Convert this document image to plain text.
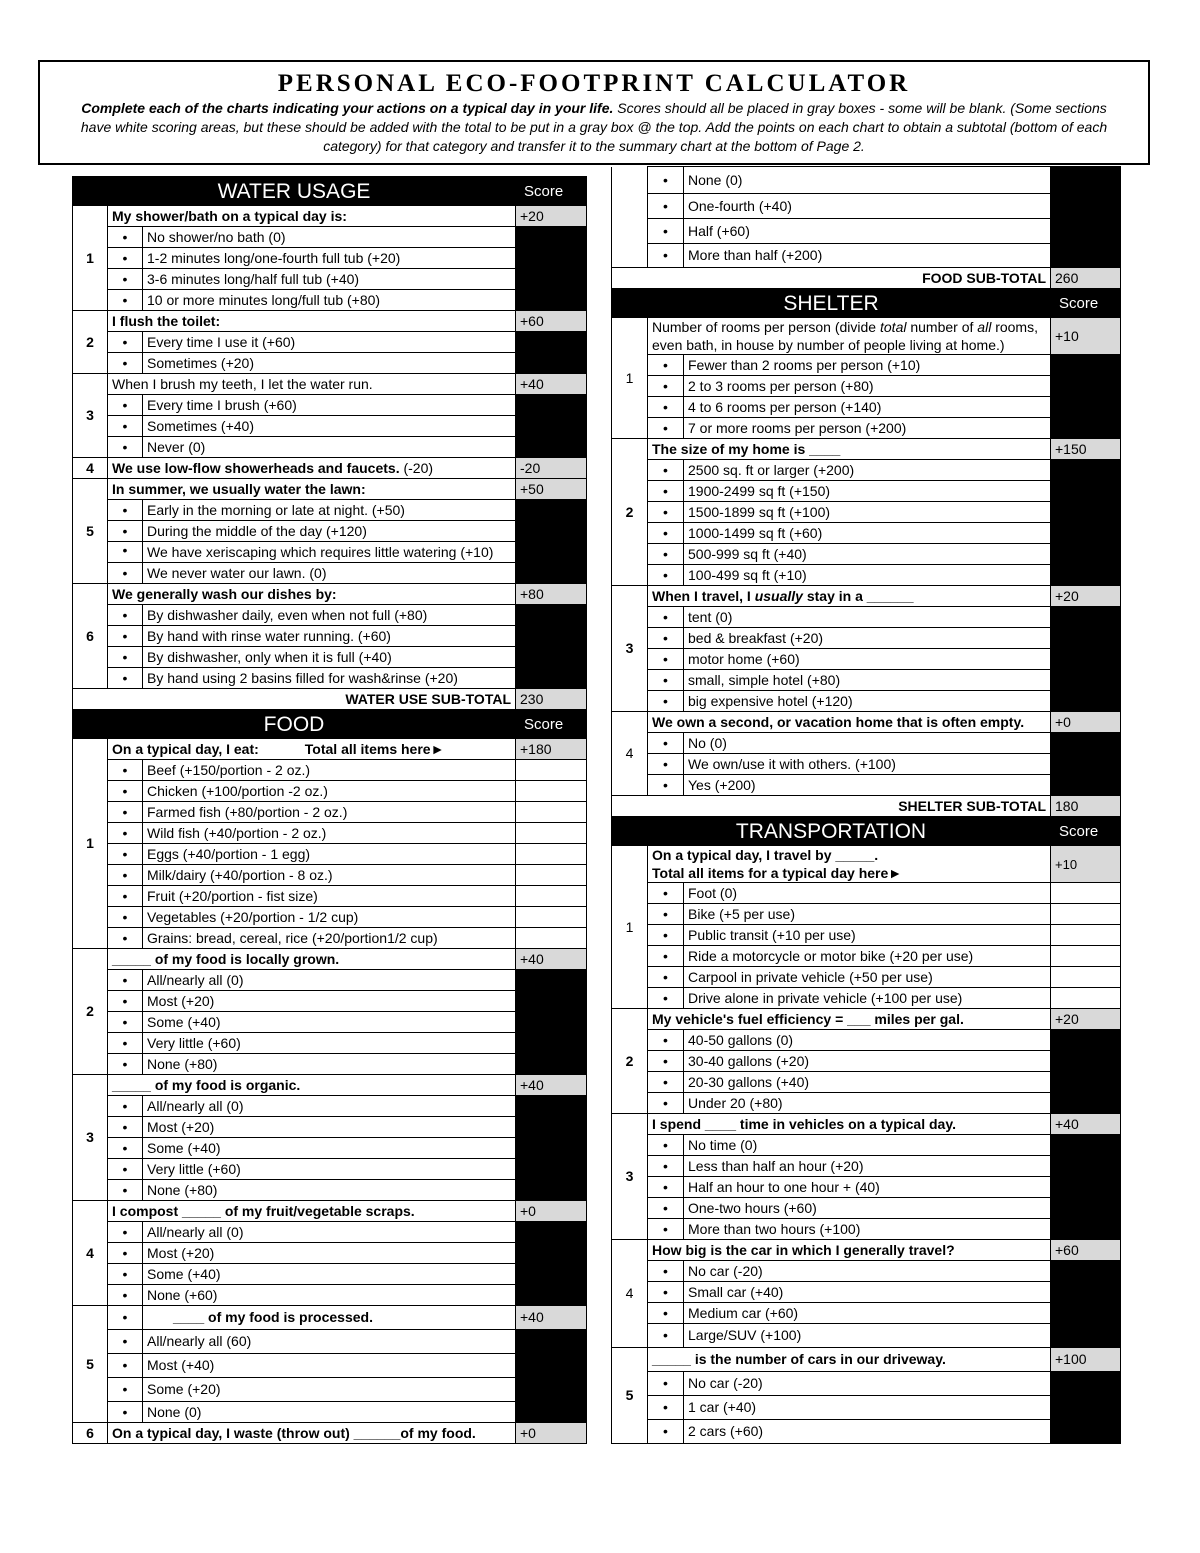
PERSONAL ECO-FOOTPRINT CALCULATOR
Complete each of the charts indicating your actions on a typical day in your life. Scores should all be placed in gray boxes - some will be blank. (Some sections have white scoring areas, but these should be added with the total to be put in a gray box @ the top. Add the points on each chart to obtain a subtotal (bottom of each category) for that category and transfer it to the summary chart at the bottom of Page 2.
WATER USAGE			Score
1	My shower/bath on a typical day is:		+20
	•	No shower/no bath (0)	
	•	1-2 minutes long/one-fourth full tub (+20)	
	•	3-6 minutes long/half full tub (+40)	
	•	10 or more minutes long/full tub (+80)	
2	I flush the toilet:		+60
	•	Every time I use it (+60)	
	•	Sometimes (+20)	
3	When I brush my teeth, I let the water run.		+40
	•	Every time I brush (+60)	
	•	Sometimes (+40)	
	•	Never (0)	
4	We use low-flow showerheads and faucets. (-20)		-20
5	In summer, we usually water the lawn:		+50
	•	Early in the morning or late at night. (+50)	
	•	During the middle of the day (+120)	
	•	We have xeriscaping which requires little watering (+10)	
	•	We never water our lawn. (0)	
6	We generally wash our dishes by:		+80
	•	By dishwasher daily, even when not full (+80)	
	•	By hand with rinse water running. (+60)	
	•	By dishwasher, only when it is full (+40)	
	•	By hand using 2 basins filled for wash&rinse (+20)	
WATER USE SUB-TOTAL			230
FOOD			Score
1	On a typical day, I eat: Total all items here►		+180
	•	Beef (+150/portion - 2 oz.)	
	•	Chicken (+100/portion -2 oz.)	
	•	Farmed fish (+80/portion - 2 oz.)	
	•	Wild fish (+40/portion - 2 oz.)	
	•	Eggs (+40/portion - 1 egg)	
	•	Milk/dairy (+40/portion - 8 oz.)	
	•	Fruit (+20/portion - fist size)	
	•	Vegetables (+20/portion - 1/2 cup)	
	•	Grains: bread, cereal, rice (+20/portion1/2 cup)	
2	_____ of my food is locally grown.		+40
	•	All/nearly all (0)	
	•	Most (+20)	
	•	Some (+40)	
	•	Very little (+60)	
	•	None (+80)	
3	_____ of my food is organic.		+40
	•	All/nearly all (0)	
	•	Most (+20)	
	•	Some (+40)	
	•	Very little (+60)	
	•	None (+80)	
4	I compost _____ of my fruit/vegetable scraps.		+0
	•	All/nearly all (0)	
	•	Most (+20)	
	•	Some (+40)	
	•	None (+60)	
5	•	____ of my food is processed.	+40
	•	All/nearly all (60)	
	•	Most (+40)	
	•	Some (+20)	
	•	None (0)	
6	On a typical day, I waste (throw out) ______of my food.		+0
	•	None (0)	
	•	One-fourth (+40)	
	•	Half (+60)	
	•	More than half (+200)	
FOOD SUB-TOTAL			260
SHELTER			Score
1	Number of rooms per person (divide total number of all rooms, even bath, in house by number of people living at home.)		+10
	•	Fewer than 2 rooms per person (+10)	
	•	2 to 3 rooms per person (+80)	
	•	4 to 6 rooms per person (+140)	
	•	7 or more rooms per person (+200)	
2	The size of my home is ____		+150
	•	2500 sq. ft or larger (+200)	
	•	1900-2499 sq ft (+150)	
	•	1500-1899 sq ft (+100)	
	•	1000-1499 sq ft (+60)	
	•	500-999 sq ft (+40)	
	•	100-499 sq ft (+10)	
3	When I travel, I usually stay in a ______		+20
	•	tent (0)	
	•	bed & breakfast (+20)	
	•	motor home (+60)	
	•	small, simple hotel (+80)	
	•	big expensive hotel (+120)	
4	We own a second, or vacation home that is often empty.		+0
	•	No (0)	
	•	We own/use it with others. (+100)	
	•	Yes (+200)	
SHELTER SUB-TOTAL			180
TRANSPORTATION			Score
1	On a typical day, I travel by _____.
Total all items for a typical day here►		+10
	•	Foot (0)	
	•	Bike (+5 per use)	
	•	Public transit (+10 per use)	
	•	Ride a motorcycle or motor bike (+20 per use)	
	•	Carpool in private vehicle (+50 per use)	
	•	Drive alone in private vehicle (+100 per use)	
2	My vehicle's fuel efficiency = ___ miles per gal.		+20
	•	40-50 gallons (0)	
	•	30-40 gallons (+20)	
	•	20-30 gallons (+40)	
	•	Under 20 (+80)	
3	I spend ____ time in vehicles on a typical day.		+40
	•	No time (0)	
	•	Less than half an hour (+20)	
	•	Half an hour to one hour + (40)	
	•	One-two hours (+60)	
	•	More than two hours (+100)	
4	How big is the car in which I generally travel?		+60
	•	No car (-20)	
	•	Small car (+40)	
	•	Medium car (+60)	
	•	Large/SUV (+100)	
5	_____ is the number of cars in our driveway.		+100
	•	No car (-20)	
	•	1 car (+40)	
	•	2 cars (+60)	
